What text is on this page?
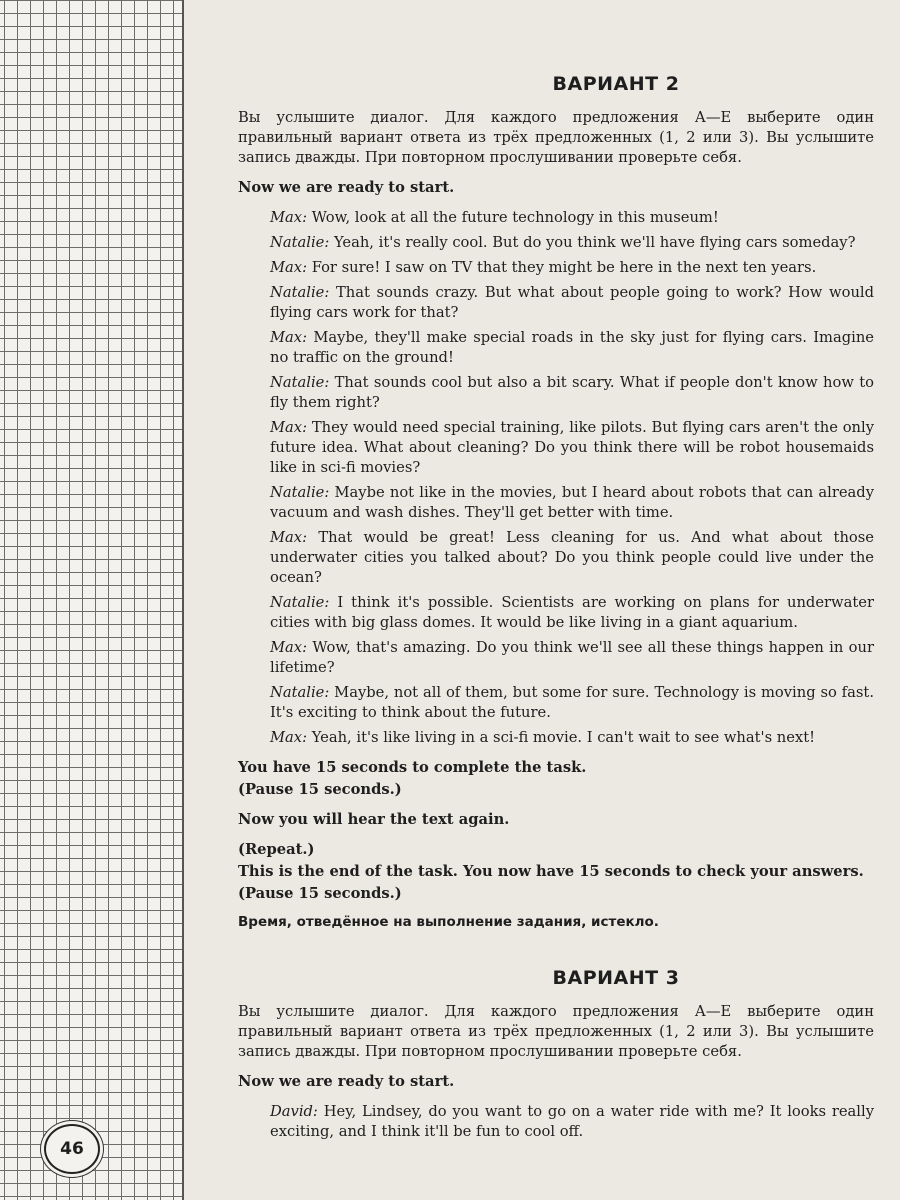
46
ВАРИАНТ 2

Вы услышите диалог. Для каждого предложения А—Е выберите один правильный вариант ответа из трёх предложенных (1, 2 или 3). Вы услышите запись дважды. При повторном прослушивании проверьте себя.

Now we are ready to start.

Max: Wow, look at all the future technology in this museum!

Natalie: Yeah, it's really cool. But do you think we'll have flying cars someday?

Max: For sure! I saw on TV that they might be here in the next ten years.

Natalie: That sounds crazy. But what about people going to work? How would flying cars work for that?

Max: Maybe, they'll make special roads in the sky just for flying cars. Imagine no traffic on the ground!

Natalie: That sounds cool but also a bit scary. What if people don't know how to fly them right?

Max: They would need special training, like pilots. But flying cars aren't the only future idea. What about cleaning? Do you think there will be robot housemaids like in sci-fi movies?

Natalie: Maybe not like in the movies, but I heard about robots that can already vacuum and wash dishes. They'll get better with time.

Max: That would be great! Less cleaning for us. And what about those underwater cities you talked about? Do you think people could live under the ocean?

Natalie: I think it's possible. Scientists are working on plans for underwater cities with big glass domes. It would be like living in a giant aquarium.

Max: Wow, that's amazing. Do you think we'll see all these things happen in our lifetime?

Natalie: Maybe, not all of them, but some for sure. Technology is moving so fast. It's exciting to think about the future.

Max: Yeah, it's like living in a sci-fi movie. I can't wait to see what's next!

You have 15 seconds to complete the task.

(Pause 15 seconds.)

Now you will hear the text again.

(Repeat.)

This is the end of the task. You now have 15 seconds to check your answers.

(Pause 15 seconds.)

Время, отведённое на выполнение задания, истекло.

ВАРИАНТ 3

Вы услышите диалог. Для каждого предложения А—Е выберите один правильный вариант ответа из трёх предложенных (1, 2 или 3). Вы услышите запись дважды. При повторном прослушивании проверьте себя.

Now we are ready to start.

David: Hey, Lindsey, do you want to go on a water ride with me? It looks really exciting, and I think it'll be fun to cool off.
